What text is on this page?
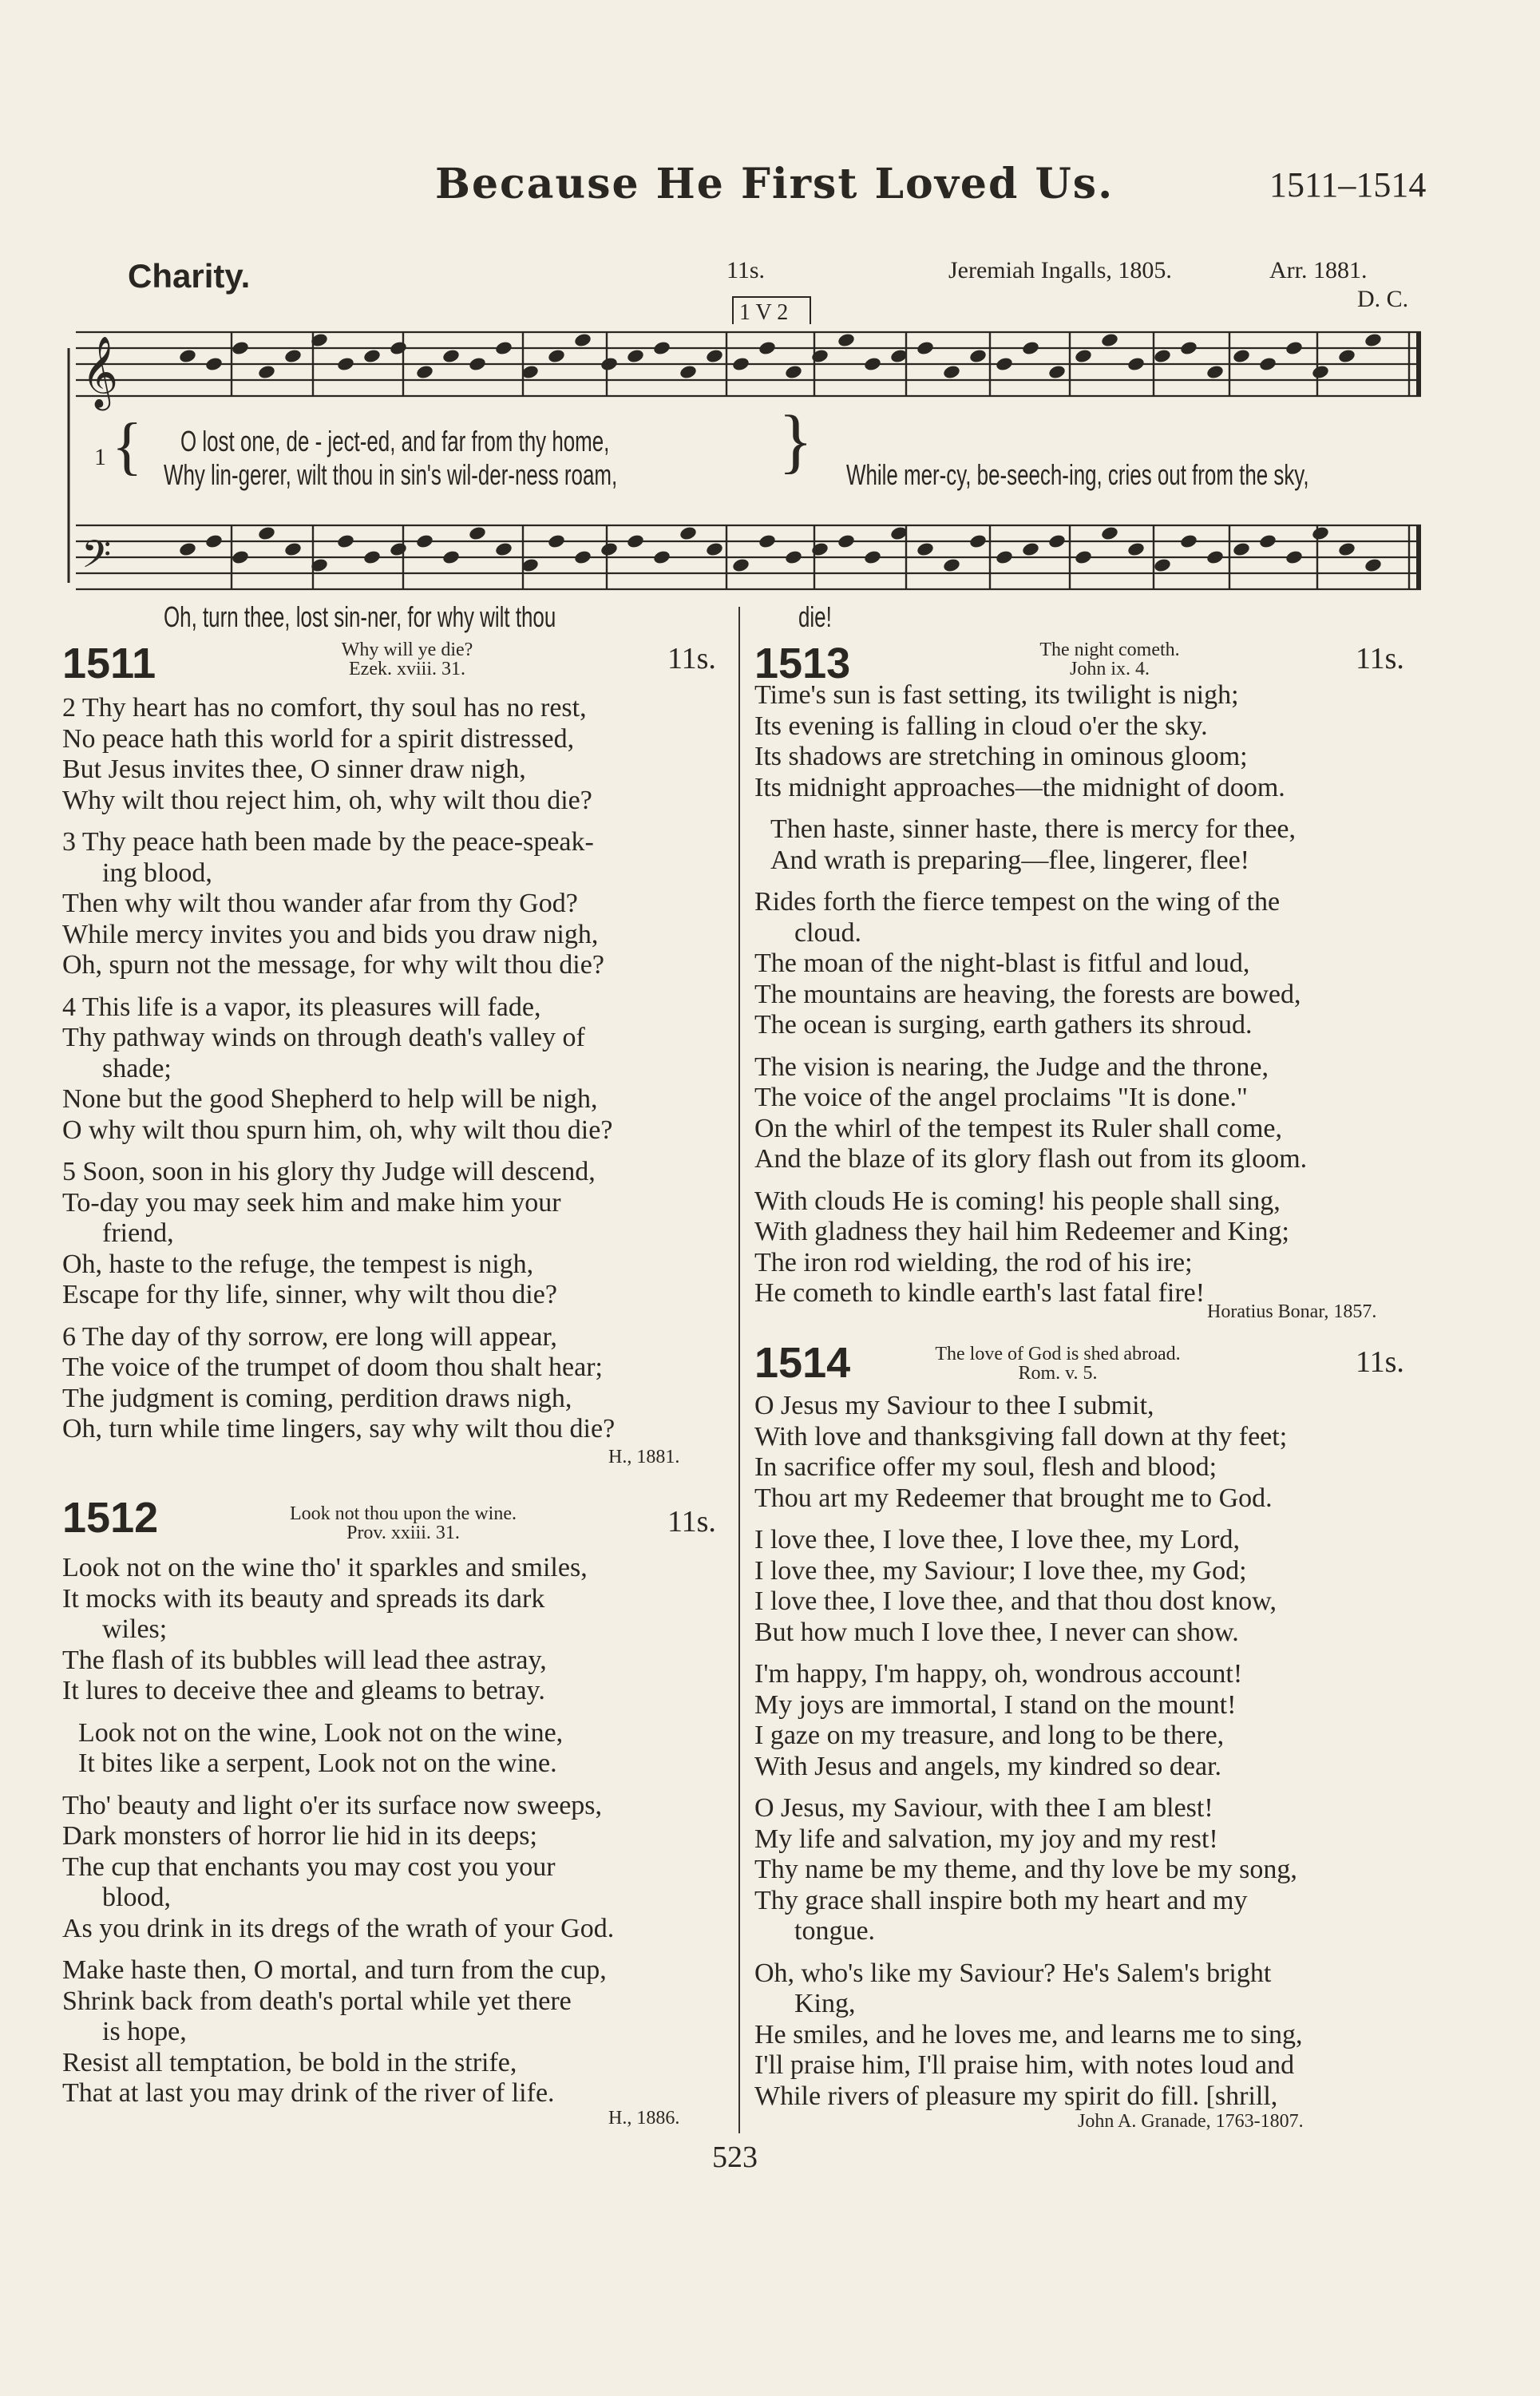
Because He First Loved Us.	1511–1514
Charity.	11s.	Jeremiah Ingalls, 1805.	Arr. 1881.
D. C.
𝄞
𝄢
1 V 2
}
{
1	O lost one, de - ject-ed, and far from thy home,
Why lin-gerer, wilt thou in sin's wil-der-ness roam,	While mer-cy, be-seech-ing, cries out from the sky,
Oh, turn thee, lost sin-ner, for why wilt thou	die!
1511	Why will ye die?
Ezek. xviii. 31.	11s.

2 Thy heart has no comfort, thy soul has no rest,

No peace hath this world for a spirit distressed,

But Jesus invites thee, O sinner draw nigh,

Why wilt thou reject him, oh, why wilt thou die?

3 Thy peace hath been made by the peace-speak-

ing blood,

Then why wilt thou wander afar from thy God?

While mercy invites you and bids you draw nigh,

Oh, spurn not the message, for why wilt thou die?

4 This life is a vapor, its pleasures will fade,

Thy pathway winds on through death's valley of

shade;

None but the good Shepherd to help will be nigh,

O why wilt thou spurn him, oh, why wilt thou die?

5 Soon, soon in his glory thy Judge will descend,

To-day you may seek him and make him your

friend,

Oh, haste to the refuge, the tempest is nigh,

Escape for thy life, sinner, why wilt thou die?

6 The day of thy sorrow, ere long will appear,

The voice of the trumpet of doom thou shalt hear;

The judgment is coming, perdition draws nigh,

Oh, turn while time lingers, say why wilt thou die?

H., 1881.
1512	Look not thou upon the wine.
Prov. xxiii. 31.	11s.

Look not on the wine tho' it sparkles and smiles,

It mocks with its beauty and spreads its dark

wiles;

The flash of its bubbles will lead thee astray,

It lures to deceive thee and gleams to betray.

Look not on the wine, Look not on the wine,

It bites like a serpent, Look not on the wine.

Tho' beauty and light o'er its surface now sweeps,

Dark monsters of horror lie hid in its deeps;

The cup that enchants you may cost you your

blood,

As you drink in its dregs of the wrath of your God.

Make haste then, O mortal, and turn from the cup,

Shrink back from death's portal while yet there

is hope,

Resist all temptation, be bold in the strife,

That at last you may drink of the river of life.

H., 1886.
1513	The night cometh.
John ix. 4.	11s.

Time's sun is fast setting, its twilight is nigh;

Its evening is falling in cloud o'er the sky.

Its shadows are stretching in ominous gloom;

Its midnight approaches—the midnight of doom.

Then haste, sinner haste, there is mercy for thee,

And wrath is preparing—flee, lingerer, flee!

Rides forth the fierce tempest on the wing of the

cloud.

The moan of the night-blast is fitful and loud,

The mountains are heaving, the forests are bowed,

The ocean is surging, earth gathers its shroud.

The vision is nearing, the Judge and the throne,

The voice of the angel proclaims "It is done."

On the whirl of the tempest its Ruler shall come,

And the blaze of its glory flash out from its gloom.

With clouds He is coming! his people shall sing,

With gladness they hail him Redeemer and King;

The iron rod wielding, the rod of his ire;

He cometh to kindle earth's last fatal fire!

Horatius Bonar, 1857.
1514	The love of God is shed abroad.
Rom. v. 5.	11s.

O Jesus my Saviour to thee I submit,

With love and thanksgiving fall down at thy feet;

In sacrifice offer my soul, flesh and blood;

Thou art my Redeemer that brought me to God.

I love thee, I love thee, I love thee, my Lord,

I love thee, my Saviour; I love thee, my God;

I love thee, I love thee, and that thou dost know,

But how much I love thee, I never can show.

I'm happy, I'm happy, oh, wondrous account!

My joys are immortal, I stand on the mount!

I gaze on my treasure, and long to be there,

With Jesus and angels, my kindred so dear.

O Jesus, my Saviour, with thee I am blest!

My life and salvation, my joy and my rest!

Thy name be my theme, and thy love be my song,

Thy grace shall inspire both my heart and my

tongue.

Oh, who's like my Saviour? He's Salem's bright

King,

He smiles, and he loves me, and learns me to sing,

I'll praise him, I'll praise him, with notes loud and

While rivers of pleasure my spirit do fill. [shrill,

John A. Granade, 1763-1807.
523
